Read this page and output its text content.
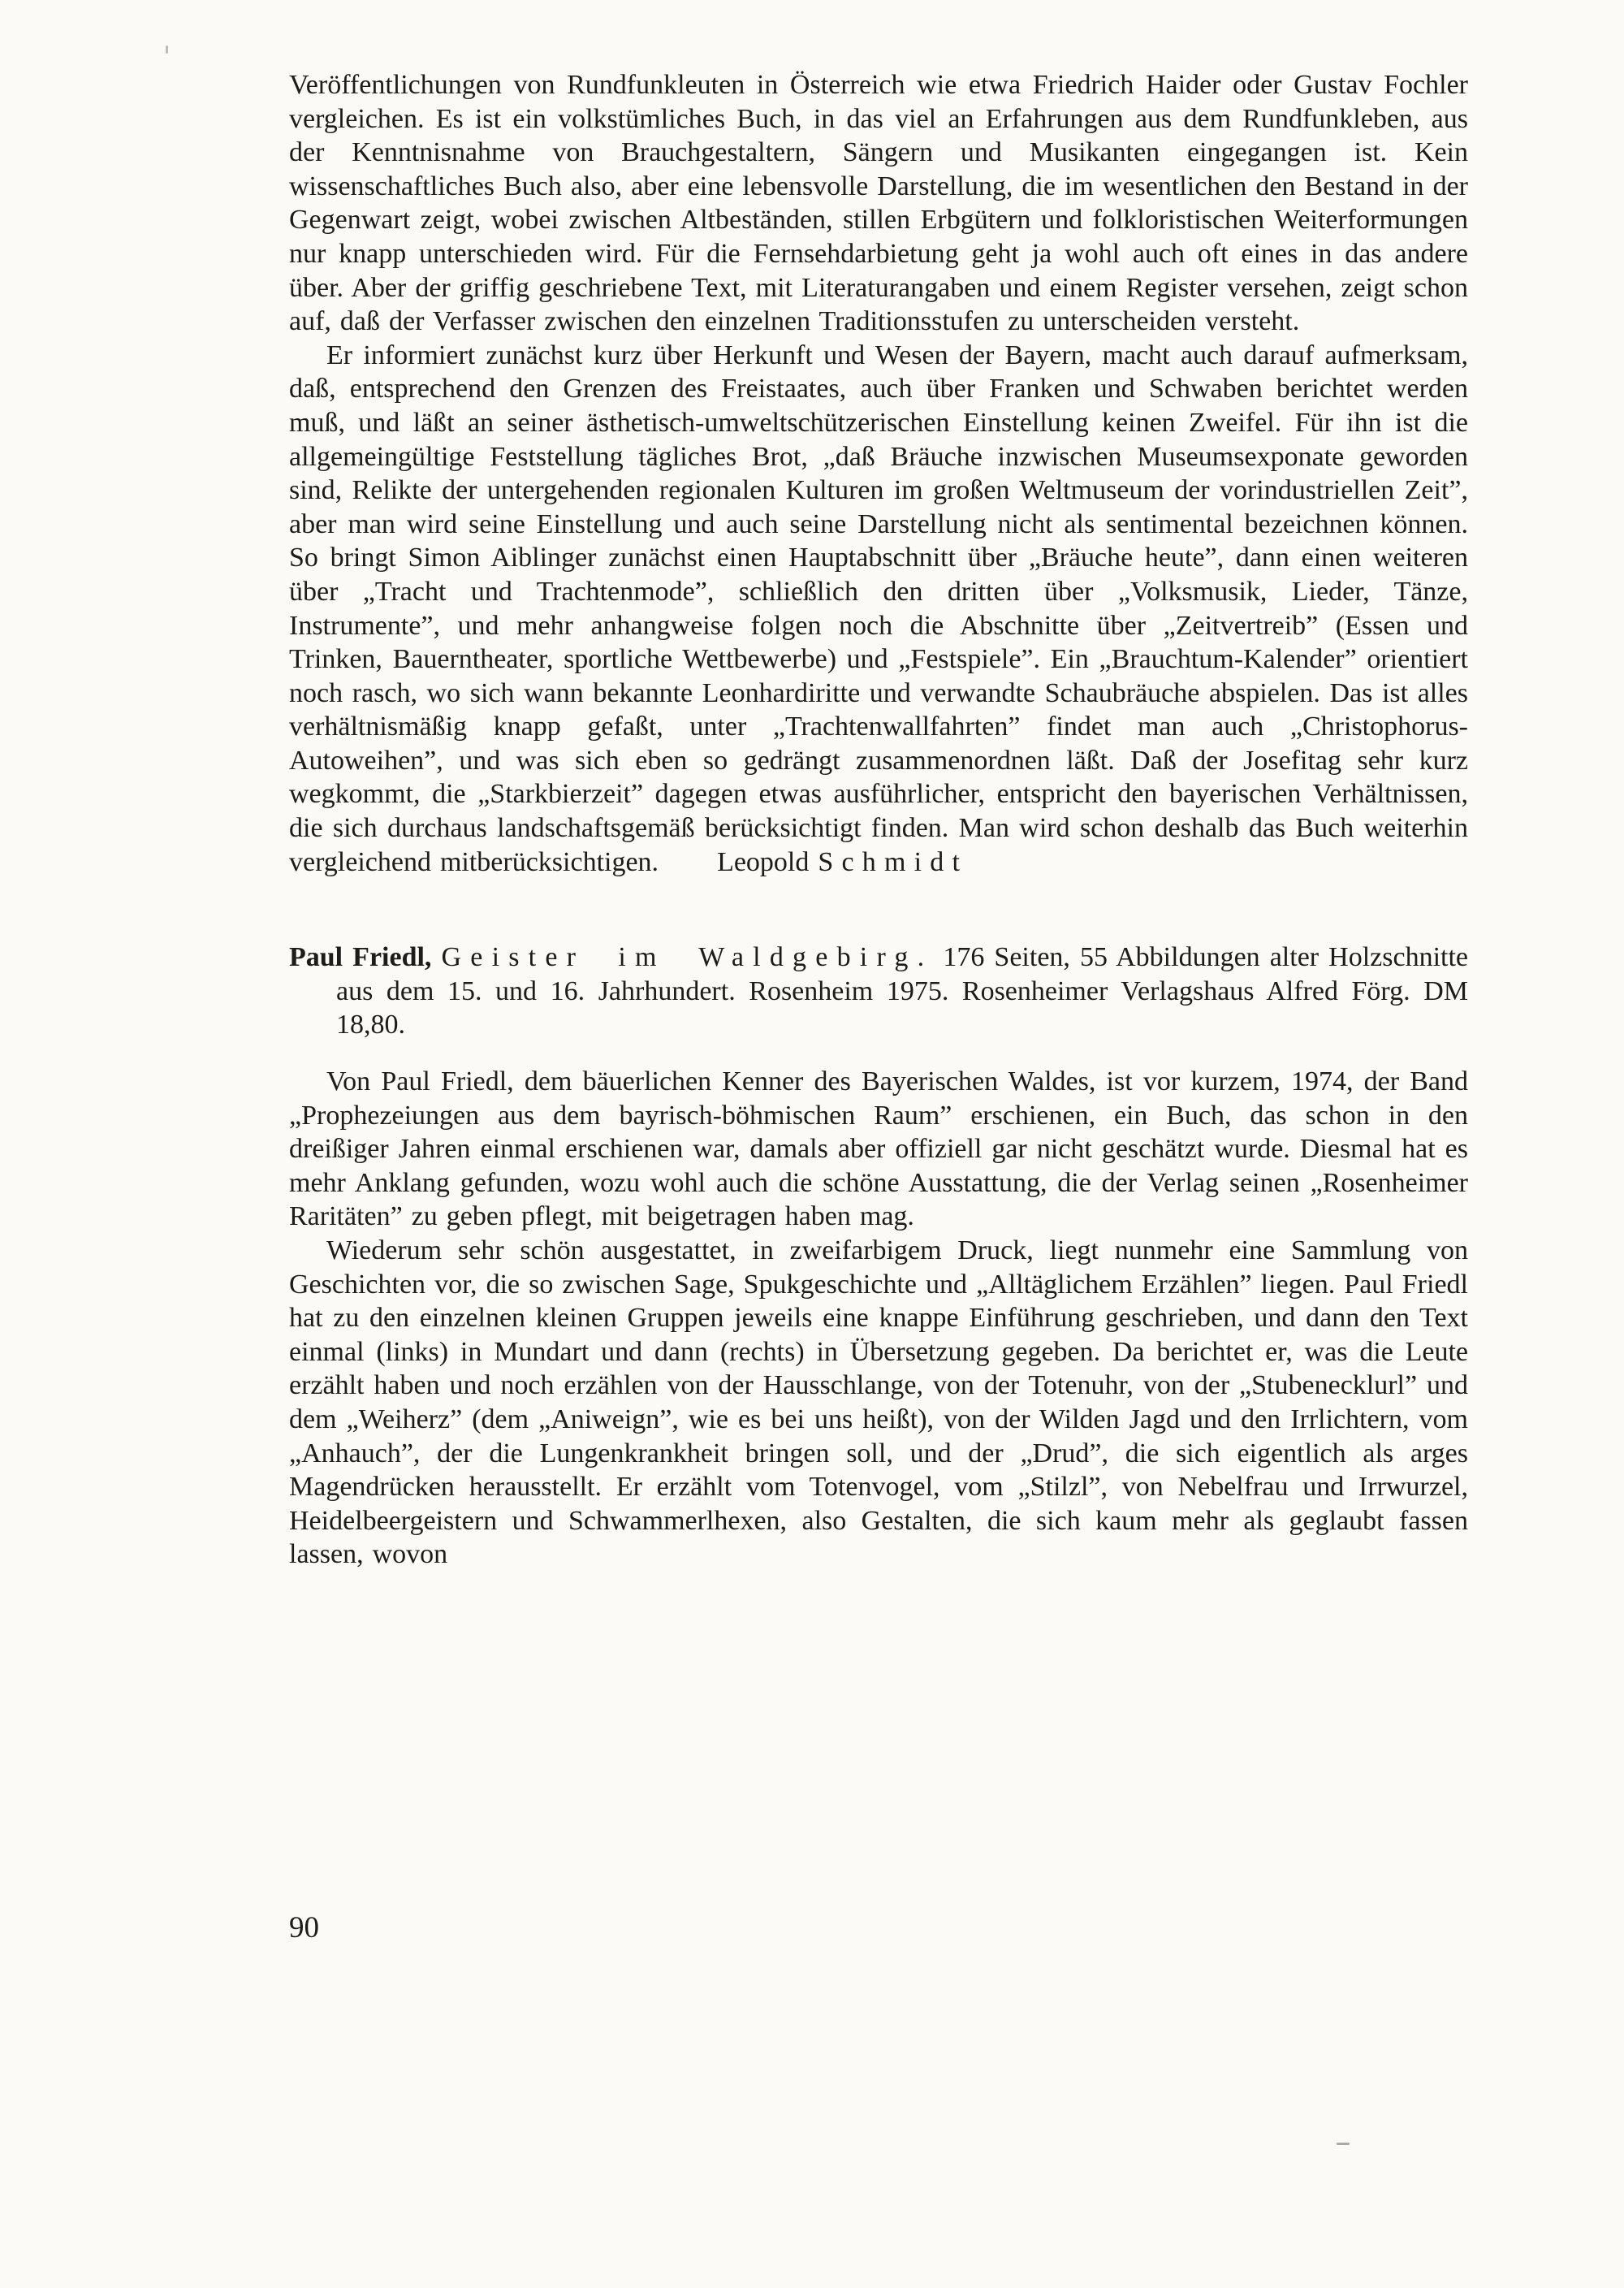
Veröffentlichungen von Rundfunkleuten in Österreich wie etwa Friedrich Haider oder Gustav Fochler vergleichen. Es ist ein volkstümliches Buch, in das viel an Erfahrungen aus dem Rundfunkleben, aus der Kenntnisnahme von Brauchgestaltern, Sängern und Musikanten eingegangen ist. Kein wissenschaftliches Buch also, aber eine lebensvolle Darstellung, die im wesentlichen den Bestand in der Gegenwart zeigt, wobei zwischen Altbeständen, stillen Erbgütern und folkloristischen Weiterformungen nur knapp unterschieden wird. Für die Fernsehdarbietung geht ja wohl auch oft eines in das andere über. Aber der griffig geschriebene Text, mit Literaturangaben und einem Register versehen, zeigt schon auf, daß der Verfasser zwischen den einzelnen Traditionsstufen zu unterscheiden versteht.

Er informiert zunächst kurz über Herkunft und Wesen der Bayern, macht auch darauf aufmerksam, daß, entsprechend den Grenzen des Freistaates, auch über Franken und Schwaben berichtet werden muß, und läßt an seiner ästhetisch-umweltschützerischen Einstellung keinen Zweifel. Für ihn ist die allgemeingültige Feststellung tägliches Brot, „daß Bräuche inzwischen Museumsexponate geworden sind, Relikte der untergehenden regionalen Kulturen im großen Weltmuseum der vorindustriellen Zeit”, aber man wird seine Einstellung und auch seine Darstellung nicht als sentimental bezeichnen können. So bringt Simon Aiblinger zunächst einen Hauptabschnitt über „Bräuche heute”, dann einen weiteren über „Tracht und Trachtenmode”, schließlich den dritten über „Volksmusik, Lieder, Tänze, Instrumente”, und mehr anhangweise folgen noch die Abschnitte über „Zeitvertreib” (Essen und Trinken, Bauerntheater, sportliche Wettbewerbe) und „Festspiele”. Ein „Brauchtum-Kalender” orientiert noch rasch, wo sich wann bekannte Leonhardiritte und verwandte Schaubräuche abspielen. Das ist alles verhältnismäßig knapp gefaßt, unter „Trachtenwallfahrten” findet man auch „Christophorus-Autoweihen”, und was sich eben so gedrängt zusammenordnen läßt. Daß der Josefitag sehr kurz wegkommt, die „Starkbierzeit” dagegen etwas ausführlicher, entspricht den bayerischen Verhältnissen, die sich durchaus landschaftsgemäß berücksichtigt finden. Man wird schon deshalb das Buch weiterhin vergleichend mitberücksichtigen. Leopold Schmidt

Paul Friedl, Geister im Waldgebirg. 176 Seiten, 55 Abbildungen alter Holzschnitte aus dem 15. und 16. Jahrhundert. Rosenheim 1975. Rosenheimer Verlagshaus Alfred Förg. DM 18,80.

Von Paul Friedl, dem bäuerlichen Kenner des Bayerischen Waldes, ist vor kurzem, 1974, der Band „Prophezeiungen aus dem bayrisch-böhmischen Raum” erschienen, ein Buch, das schon in den dreißiger Jahren einmal erschienen war, damals aber offiziell gar nicht geschätzt wurde. Diesmal hat es mehr Anklang gefunden, wozu wohl auch die schöne Ausstattung, die der Verlag seinen „Rosenheimer Raritäten” zu geben pflegt, mit beigetragen haben mag.

Wiederum sehr schön ausgestattet, in zweifarbigem Druck, liegt nunmehr eine Sammlung von Geschichten vor, die so zwischen Sage, Spukgeschichte und „Alltäglichem Erzählen” liegen. Paul Friedl hat zu den einzelnen kleinen Gruppen jeweils eine knappe Einführung geschrieben, und dann den Text einmal (links) in Mundart und dann (rechts) in Übersetzung gegeben. Da berichtet er, was die Leute erzählt haben und noch erzählen von der Hausschlange, von der Totenuhr, von der „Stubenecklurl” und dem „Weiherz” (dem „Aniweign”, wie es bei uns heißt), von der Wilden Jagd und den Irrlichtern, vom „Anhauch”, der die Lungenkrankheit bringen soll, und der „Drud”, die sich eigentlich als arges Magendrücken herausstellt. Er erzählt vom Totenvogel, vom „Stilzl”, von Nebelfrau und Irrwurzel, Heidelbeergeistern und Schwammerlhexen, also Gestalten, die sich kaum mehr als geglaubt fassen lassen, wovon

90
